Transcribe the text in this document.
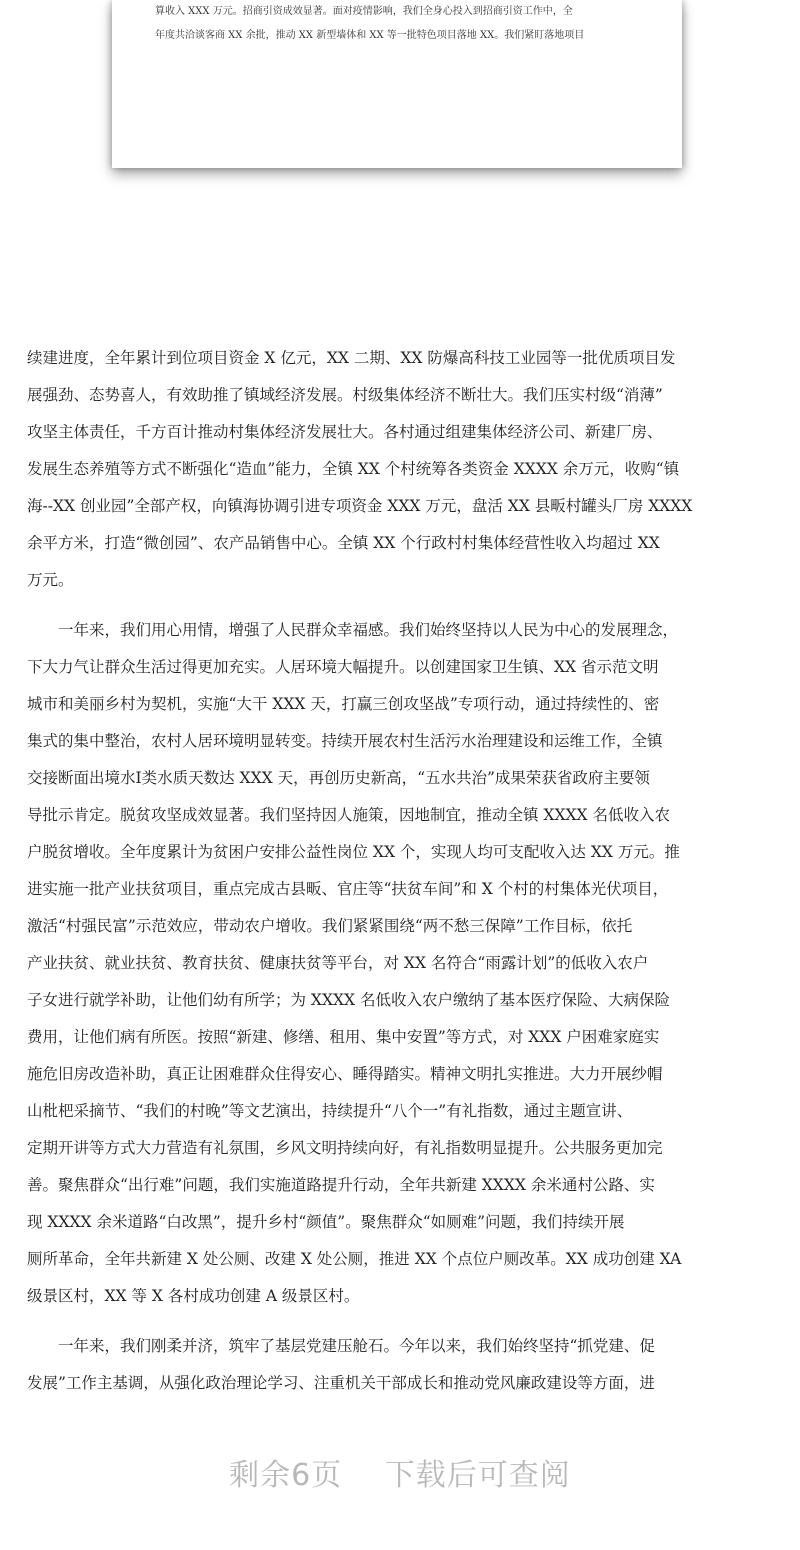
算收入 XXX 万元。招商引资成效显著。面对疫情影响，我们全身心投入到招商引资工作中，全
年度共洽谈客商 XX 余批，推动 XX 新型墙体和 XX 等一批特色项目落地 XX。我们紧盯落地项目
续建进度，全年累计到位项目资金 X 亿元，XX 二期、XX 防爆高科技工业园等一批优质项目发
展强劲、态势喜人，有效助推了镇域经济发展。村级集体经济不断壮大。我们压实村级“消薄”
攻坚主体责任，千方百计推动村集体经济发展壮大。各村通过组建集体经济公司、新建厂房、
发展生态养殖等方式不断强化“造血”能力，全镇 XX 个村统筹各类资金 XXXX 余万元，收购“镇
海--XX 创业园”全部产权，向镇海协调引进专项资金 XXX 万元，盘活 XX 县畈村罐头厂房 XXXX
余平方米，打造“微创园”、农产品销售中心。全镇 XX 个行政村村集体经营性收入均超过 XX
万元。
　　一年来，我们用心用情，增强了人民群众幸福感。我们始终坚持以人民为中心的发展理念，
下大力气让群众生活过得更加充实。人居环境大幅提升。以创建国家卫生镇、XX 省示范文明
城市和美丽乡村为契机，实施“大干 XXX 天，打赢三创攻坚战”专项行动，通过持续性的、密
集式的集中整治，农村人居环境明显转变。持续开展农村生活污水治理建设和运维工作，全镇
交接断面出境水Ⅰ类水质天数达 XXX 天，再创历史新高，“五水共治”成果荣获省政府主要领
导批示肯定。脱贫攻坚成效显著。我们坚持因人施策，因地制宜，推动全镇 XXXX 名低收入农
户脱贫增收。全年度累计为贫困户安排公益性岗位 XX 个，实现人均可支配收入达 XX 万元。推
进实施一批产业扶贫项目，重点完成古县畈、官庄等“扶贫车间”和 X 个村的村集体光伏项目，
激活“村强民富”示范效应，带动农户增收。我们紧紧围绕“两不愁三保障”工作目标，依托
产业扶贫、就业扶贫、教育扶贫、健康扶贫等平台，对 XX 名符合“雨露计划”的低收入农户
子女进行就学补助，让他们幼有所学；为 XXXX 名低收入农户缴纳了基本医疗保险、大病保险
费用，让他们病有所医。按照“新建、修缮、租用、集中安置”等方式，对 XXX 户困难家庭实
施危旧房改造补助，真正让困难群众住得安心、睡得踏实。精神文明扎实推进。大力开展纱帽
山枇杷采摘节、“我们的村晚”等文艺演出，持续提升“八个一”有礼指数，通过主题宣讲、
定期开讲等方式大力营造有礼氛围，乡风文明持续向好，有礼指数明显提升。公共服务更加完
善。聚焦群众“出行难”问题，我们实施道路提升行动，全年共新建 XXXX 余米通村公路、实
现 XXXX 余米道路“白改黑”，提升乡村“颜值”。聚焦群众“如厕难”问题，我们持续开展
厕所革命，全年共新建 X 处公厕、改建 X 处公厕，推进 XX 个点位户厕改革。XX 成功创建 XA
级景区村，XX 等 X 各村成功创建 A 级景区村。
　　一年来，我们刚柔并济，筑牢了基层党建压舱石。今年以来，我们始终坚持“抓党建、促
发展”工作主基调，从强化政治理论学习、注重机关干部成长和推动党风廉政建设等方面，进
剩余6页 下载后可查阅
